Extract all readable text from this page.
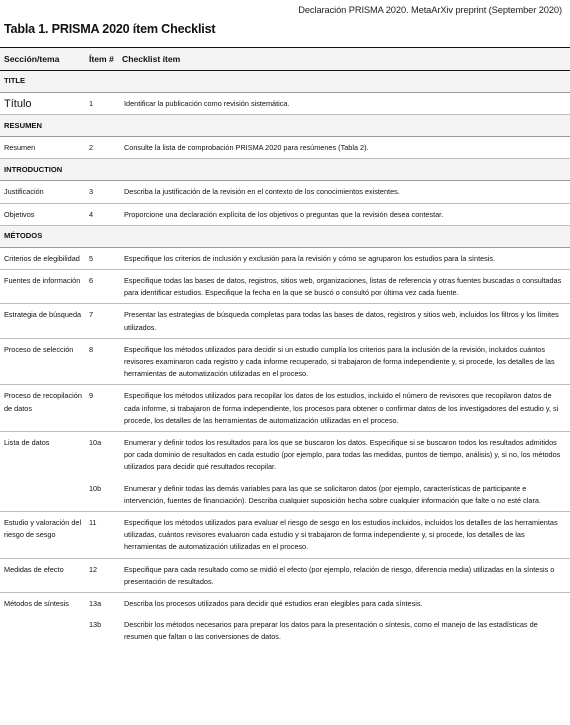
Declaración PRISMA 2020. MetaArXiv preprint (September 2020)
Tabla 1. PRISMA 2020 ítem Checklist
Sección/tema	Ítem #	Checklist ítem
TITLE		
Título	1	Identificar la publicación como revisión sistemática.
RESUMEN		
Resumen	2	Consulte la lista de comprobación PRISMA 2020 para resúmenes (Tabla 2).
INTRODUCTION		
Justificación	3	Describa la justificación de la revisión en el contexto de los conocimientos existentes.
Objetivos	4	Proporcione una declaración explícita de los objetivos o preguntas que la revisión desea contestar.
MÉTODOS		
Criterios de elegibilidad	5	Especifique los criterios de inclusión y exclusión para la revisión y cómo se agruparon los estudios para la síntesis.
Fuentes de información	6	Especifique todas las bases de datos, registros, sitios web, organizaciones, listas de referencia y otras fuentes buscadas o consultadas para identificar estudios. Especifique la fecha en la que se buscó o consultó por última vez cada fuente.
Estrategia de búsqueda	7	Presentar las estrategias de búsqueda completas para todas las bases de datos, registros y sitios web, incluidos los filtros y los límites utilizados.
Proceso de selección	8	Especifique los métodos utilizados para decidir si un estudio cumplía los criterios para la inclusión de la revisión, incluidos cuántos revisores examinaron cada registro y cada informe recuperado, si trabajaron de forma independiente y, si procede, los detalles de las herramientas de automatización utilizadas en el proceso.
Proceso de recopilación de datos	9	Especifique los métodos utilizados para recopilar los datos de los estudios, incluido el número de revisores que recopilaron datos de cada informe, si trabajaron de forma independiente, los procesos para obtener o confirmar datos de los investigadores del estudio y, si procede, los detalles de las herramientas de automatización utilizadas en el proceso.
Lista de datos	10a	Enumerar y definir todos los resultados para los que se buscaron los datos. Especifique si se buscaron todos los resultados admitidos por cada dominio de resultados en cada estudio (por ejemplo, para todas las medidas, puntos de tiempo, análisis) y, si no, los métodos utilizados para decidir qué resultados recopilar.
	10b	Enumerar y definir todas las demás variables para las que se solicitaron datos (por ejemplo, características de participante e intervención, fuentes de financiación). Describa cualquier suposición hecha sobre cualquier información que falte o no esté clara.
Estudio y valoración del riesgo de sesgo	11	Especifique los métodos utilizados para evaluar el riesgo de sesgo en los estudios incluidos, incluidos los detalles de las herramientas utilizadas, cuántos revisores evaluaron cada estudio y si trabajaron de forma independiente y, si procede, los detalles de las herramientas de automatización utilizadas en el proceso.
Medidas de efecto	12	Especifique para cada resultado como se midió el efecto (por ejemplo, relación de riesgo, diferencia media) utilizadas en la síntesis o presentación de resultados.
Métodos de síntesis	13a	Describa los procesos utilizados para decidir qué estudios eran elegibles para cada síntesis.
	13b	Describir los métodos necesarios para preparar los datos para la presentación o síntesis, como el manejo de las estadísticas de resumen que faltan o las conversiones de datos.
